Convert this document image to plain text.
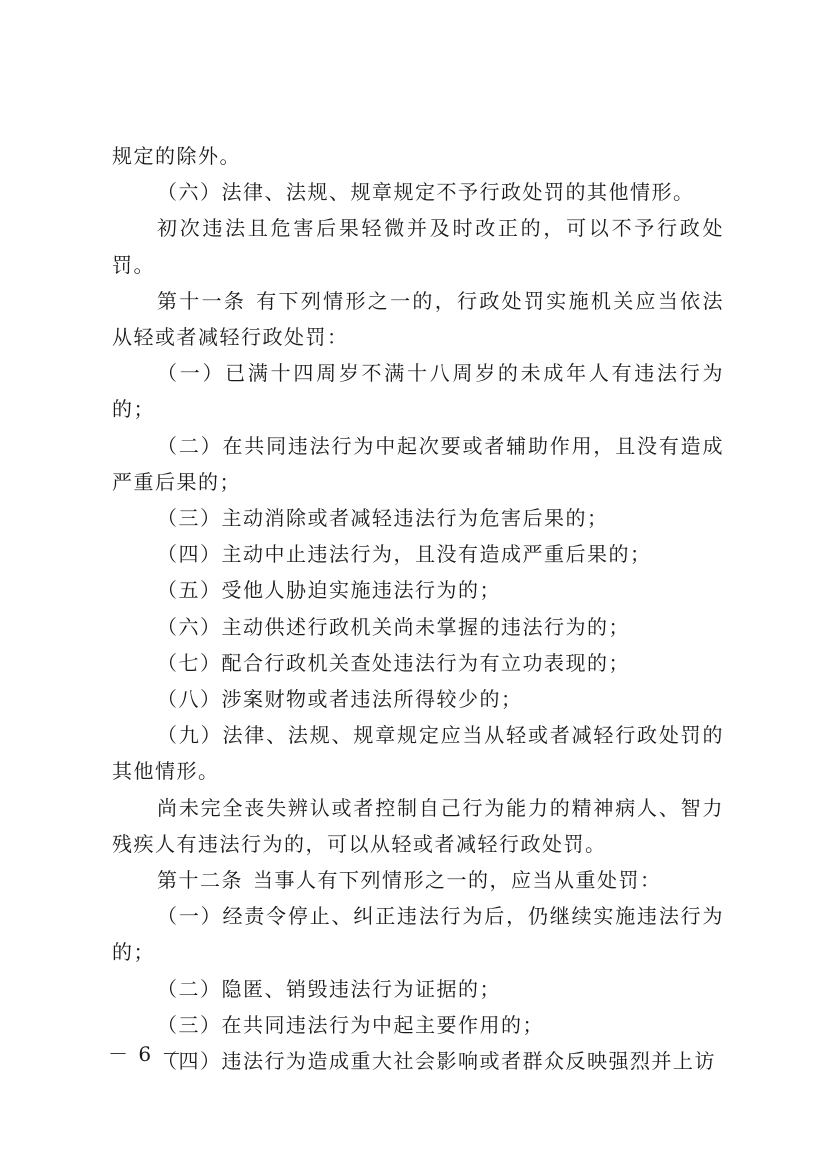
规定的除外。

（六）法律、法规、规章规定不予行政处罚的其他情形。

初次违法且危害后果轻微并及时改正的，可以不予行政处罚。

第十一条 有下列情形之一的，行政处罚实施机关应当依法从轻或者减轻行政处罚：

（一）已满十四周岁不满十八周岁的未成年人有违法行为的；

（二）在共同违法行为中起次要或者辅助作用，且没有造成严重后果的；

（三）主动消除或者减轻违法行为危害后果的；

（四）主动中止违法行为，且没有造成严重后果的；

（五）受他人胁迫实施违法行为的；

（六）主动供述行政机关尚未掌握的违法行为的；

（七）配合行政机关查处违法行为有立功表现的；

（八）涉案财物或者违法所得较少的；

（九）法律、法规、规章规定应当从轻或者减轻行政处罚的其他情形。

尚未完全丧失辨认或者控制自己行为能力的精神病人、智力残疾人有违法行为的，可以从轻或者减轻行政处罚。

第十二条 当事人有下列情形之一的，应当从重处罚：

（一）经责令停止、纠正违法行为后，仍继续实施违法行为的；

（二）隐匿、销毁违法行为证据的；

（三）在共同违法行为中起主要作用的；

（四）违法行为造成重大社会影响或者群众反映强烈并上访

－ 6 －
